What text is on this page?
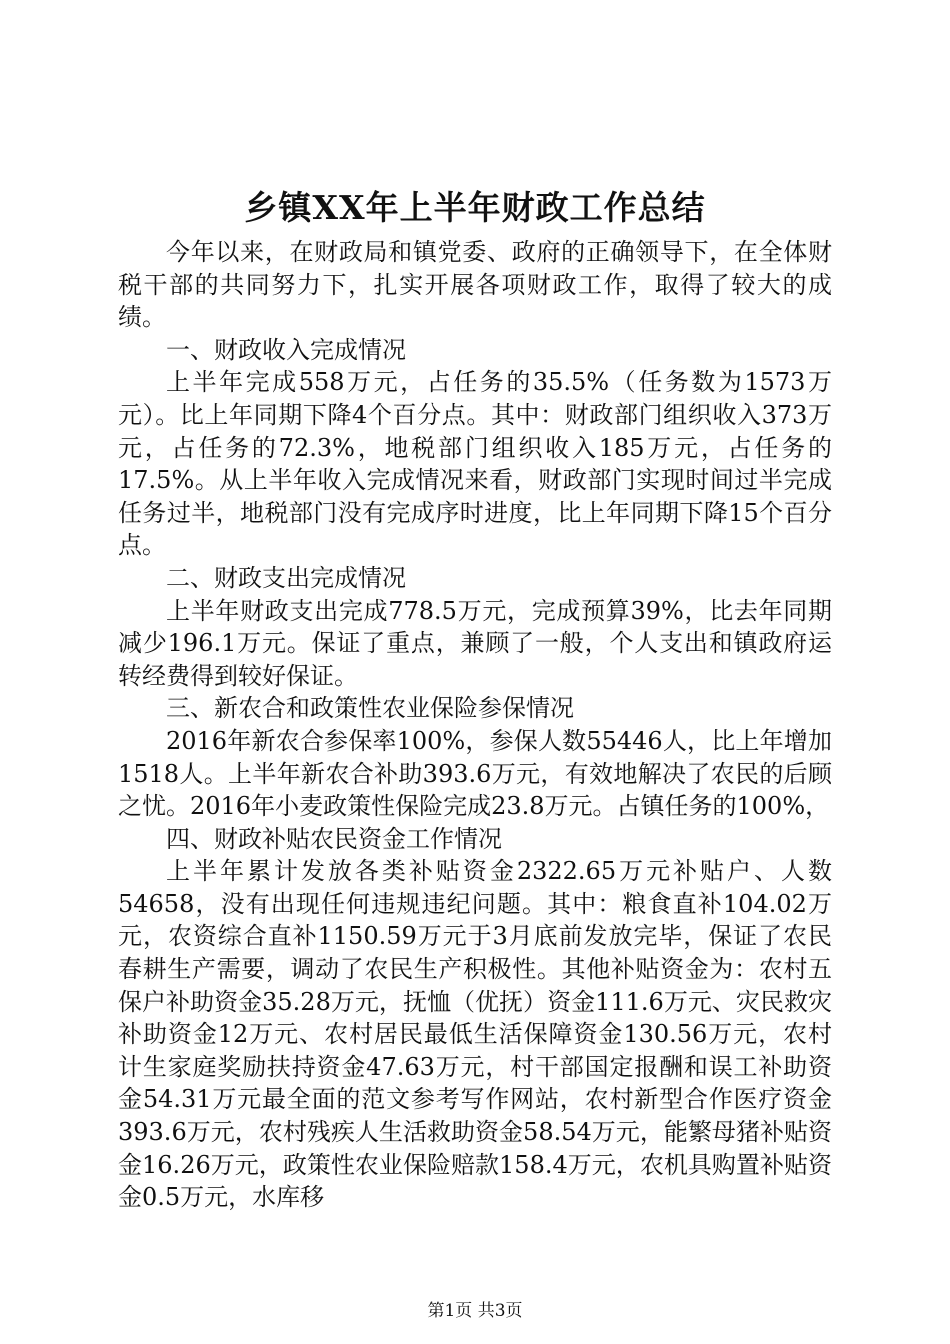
乡镇XX年上半年财政工作总结

今年以来，在财政局和镇党委、政府的正确领导下，在全体财税干部的共同努力下，扎实开展各项财政工作，取得了较大的成绩。

一、财政收入完成情况

上半年完成558万元，占任务的35.5%（任务数为1573万元）。比上年同期下降4个百分点。其中：财政部门组织收入373万元，占任务的72.3%，地税部门组织收入185万元，占任务的17.5%。从上半年收入完成情况来看，财政部门实现时间过半完成任务过半，地税部门没有完成序时进度，比上年同期下降15个百分点。

二、财政支出完成情况

上半年财政支出完成778.5万元，完成预算39%，比去年同期减少196.1万元。保证了重点，兼顾了一般，个人支出和镇政府运转经费得到较好保证。

三、新农合和政策性农业保险参保情况

2016年新农合参保率100%，参保人数55446人，比上年增加1518人。上半年新农合补助393.6万元，有效地解决了农民的后顾之忧。2016年小麦政策性保险完成23.8万元。占镇任务的100%，

四、财政补贴农民资金工作情况

上半年累计发放各类补贴资金2322.65万元补贴户、人数54658，没有出现任何违规违纪问题。其中：粮食直补104.02万元，农资综合直补1150.59万元于3月底前发放完毕，保证了农民春耕生产需要，调动了农民生产积极性。其他补贴资金为：农村五保户补助资金35.28万元，抚恤（优抚）资金111.6万元、灾民救灾补助资金12万元、农村居民最低生活保障资金130.56万元，农村计生家庭奖励扶持资金47.63万元，村干部国定报酬和误工补助资金54.31万元最全面的范文参考写作网站，农村新型合作医疗资金393.6万元，农村残疾人生活救助资金58.54万元，能繁母猪补贴资金16.26万元，政策性农业保险赔款158.4万元，农机具购置补贴资金0.5万元，水库移

第1页 共3页
